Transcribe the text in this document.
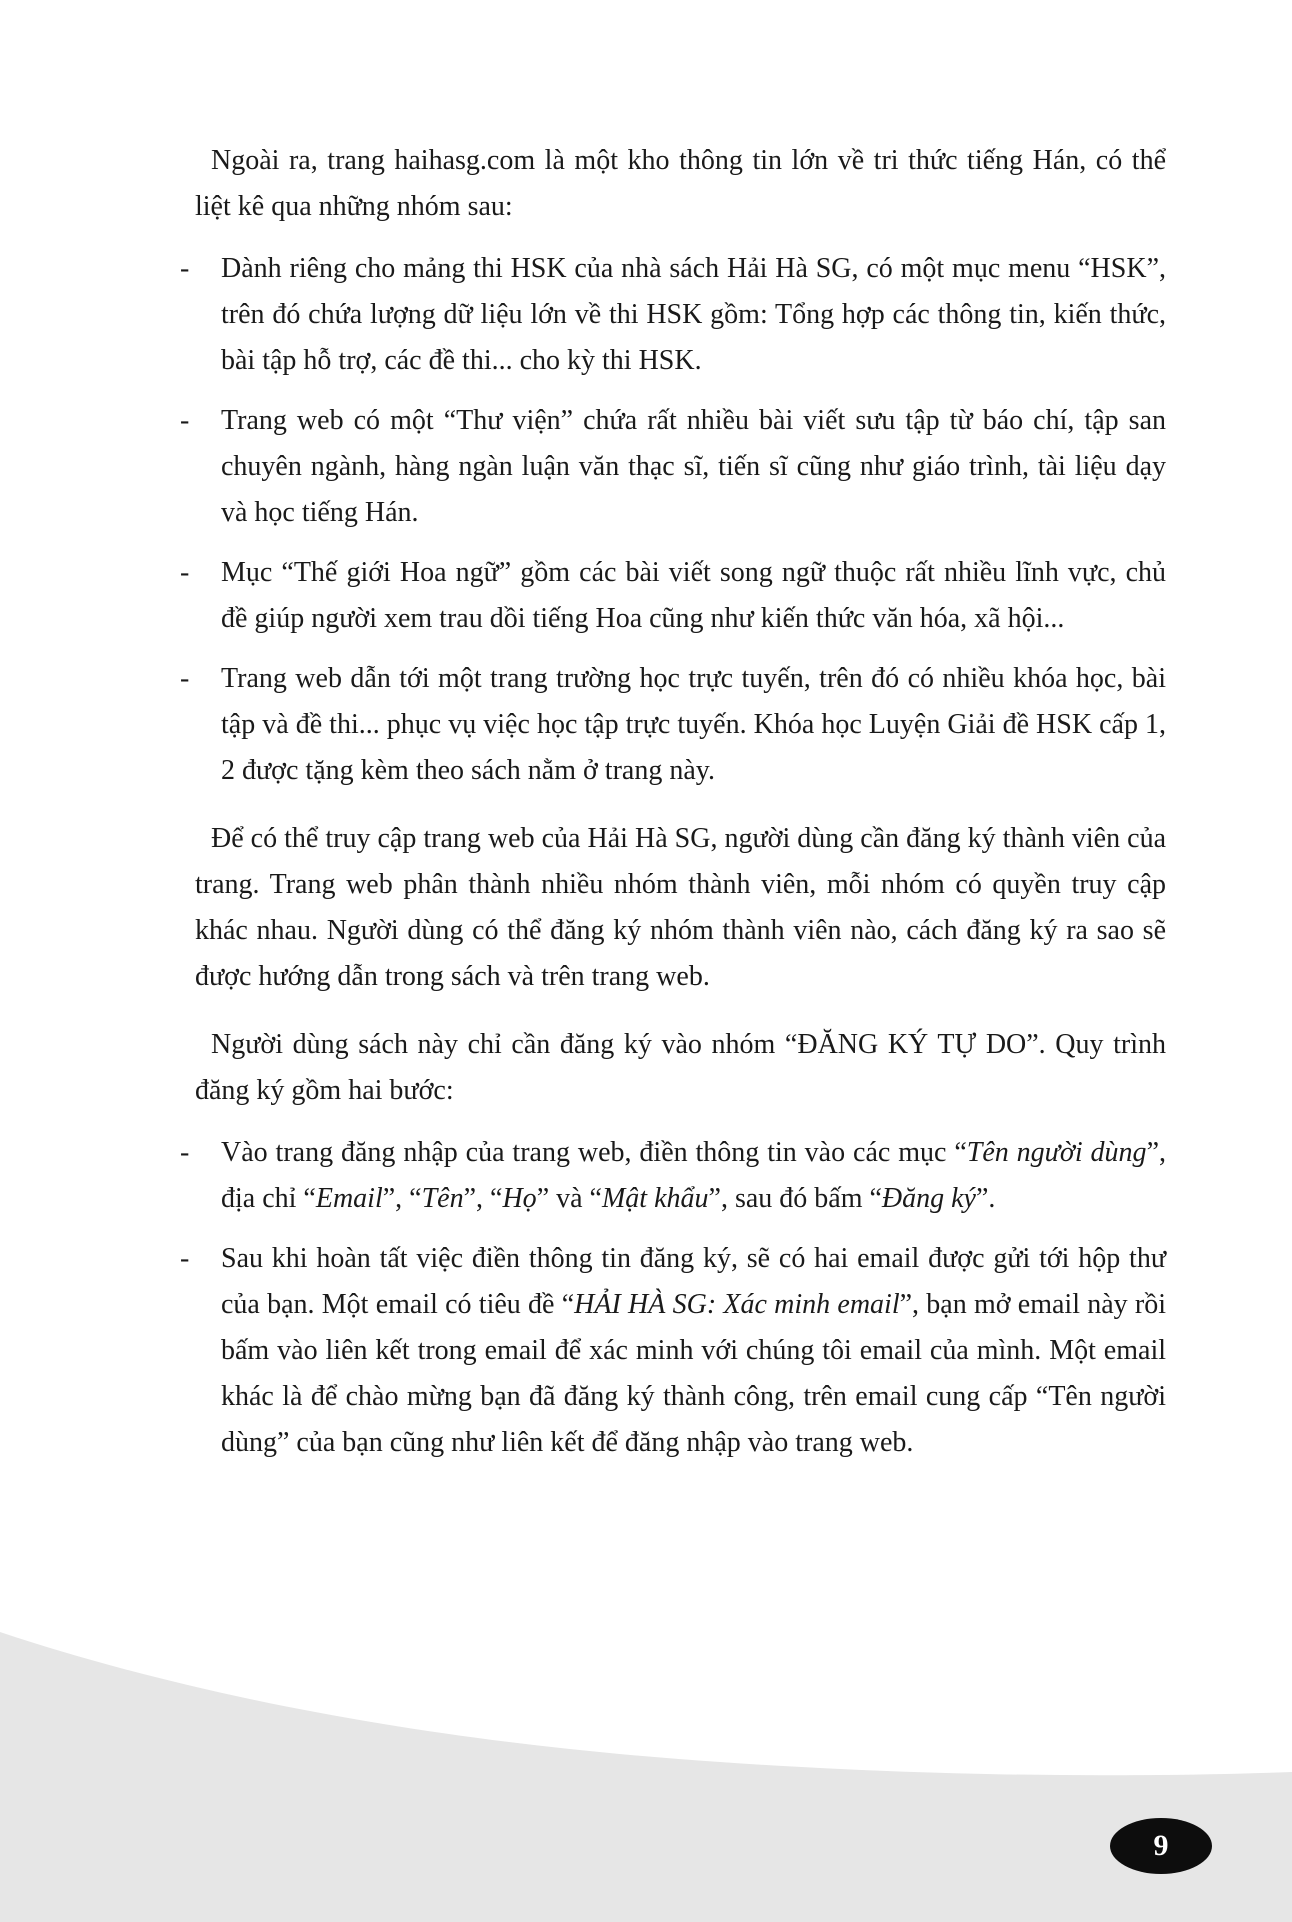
Ngoài ra, trang haihasg.com là một kho thông tin lớn về tri thức tiếng Hán, có thể liệt kê qua những nhóm sau:

- Dành riêng cho mảng thi HSK của nhà sách Hải Hà SG, có một mục menu “HSK”, trên đó chứa lượng dữ liệu lớn về thi HSK gồm: Tổng hợp các thông tin, kiến thức, bài tập hỗ trợ, các đề thi... cho kỳ thi HSK.

- Trang web có một “Thư viện” chứa rất nhiều bài viết sưu tập từ báo chí, tập san chuyên ngành, hàng ngàn luận văn thạc sĩ, tiến sĩ cũng như giáo trình, tài liệu dạy và học tiếng Hán.

- Mục “Thế giới Hoa ngữ” gồm các bài viết song ngữ thuộc rất nhiều lĩnh vực, chủ đề giúp người xem trau dồi tiếng Hoa cũng như kiến thức văn hóa, xã hội...

- Trang web dẫn tới một trang trường học trực tuyến, trên đó có nhiều khóa học, bài tập và đề thi... phục vụ việc học tập trực tuyến. Khóa học Luyện Giải đề HSK cấp 1, 2 được tặng kèm theo sách nằm ở trang này.

Để có thể truy cập trang web của Hải Hà SG, người dùng cần đăng ký thành viên của trang. Trang web phân thành nhiều nhóm thành viên, mỗi nhóm có quyền truy cập khác nhau. Người dùng có thể đăng ký nhóm thành viên nào, cách đăng ký ra sao sẽ được hướng dẫn trong sách và trên trang web.

Người dùng sách này chỉ cần đăng ký vào nhóm “ĐĂNG KÝ TỰ DO”. Quy trình đăng ký gồm hai bước:

- Vào trang đăng nhập của trang web, điền thông tin vào các mục “Tên người dùng”, địa chỉ “Email”, “Tên”, “Họ” và “Mật khẩu”, sau đó bấm “Đăng ký”.

- Sau khi hoàn tất việc điền thông tin đăng ký, sẽ có hai email được gửi tới hộp thư của bạn. Một email có tiêu đề “HẢI HÀ SG: Xác minh email”, bạn mở email này rồi bấm vào liên kết trong email để xác minh với chúng tôi email của mình. Một email khác là để chào mừng bạn đã đăng ký thành công, trên email cung cấp “Tên người dùng” của bạn cũng như liên kết để đăng nhập vào trang web.

9
